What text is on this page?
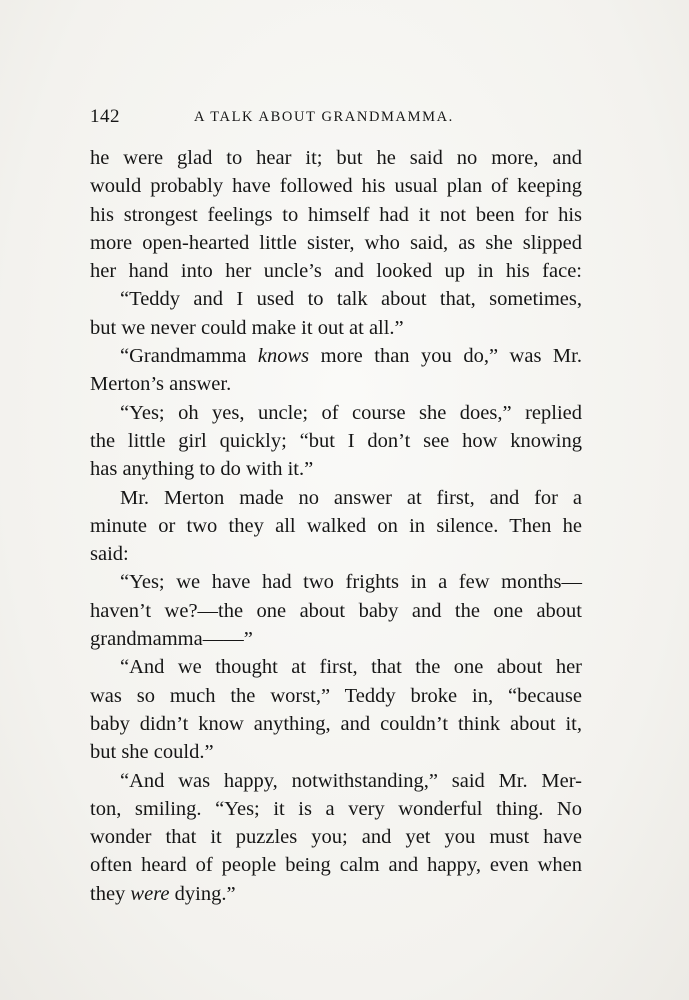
142	A TALK ABOUT GRANDMAMMA.
he were glad to hear it; but he said no more, and
would probably have followed his usual plan of keeping
his strongest feelings to himself had it not been for his
more open-hearted little sister, who said, as she slipped
her hand into her uncle’s and looked up in his face:
“Teddy and I used to talk about that, sometimes,
but we never could make it out at all.”
“Grandmamma knows more than you do,” was Mr.
Merton’s answer.
“Yes; oh yes, uncle; of course she does,” replied
the little girl quickly; “but I don’t see how knowing
has anything to do with it.”
Mr. Merton made no answer at first, and for a
minute or two they all walked on in silence. Then he
said:
“Yes; we have had two frights in a few months—
haven’t we?—the one about baby and the one about
grandmamma——”
“And we thought at first, that the one about her
was so much the worst,” Teddy broke in, “because
baby didn’t know anything, and couldn’t think about it,
but she could.”
“And was happy, notwithstanding,” said Mr. Mer-
ton, smiling. “Yes; it is a very wonderful thing. No
wonder that it puzzles you; and yet you must have
often heard of people being calm and happy, even when
they were dying.”
